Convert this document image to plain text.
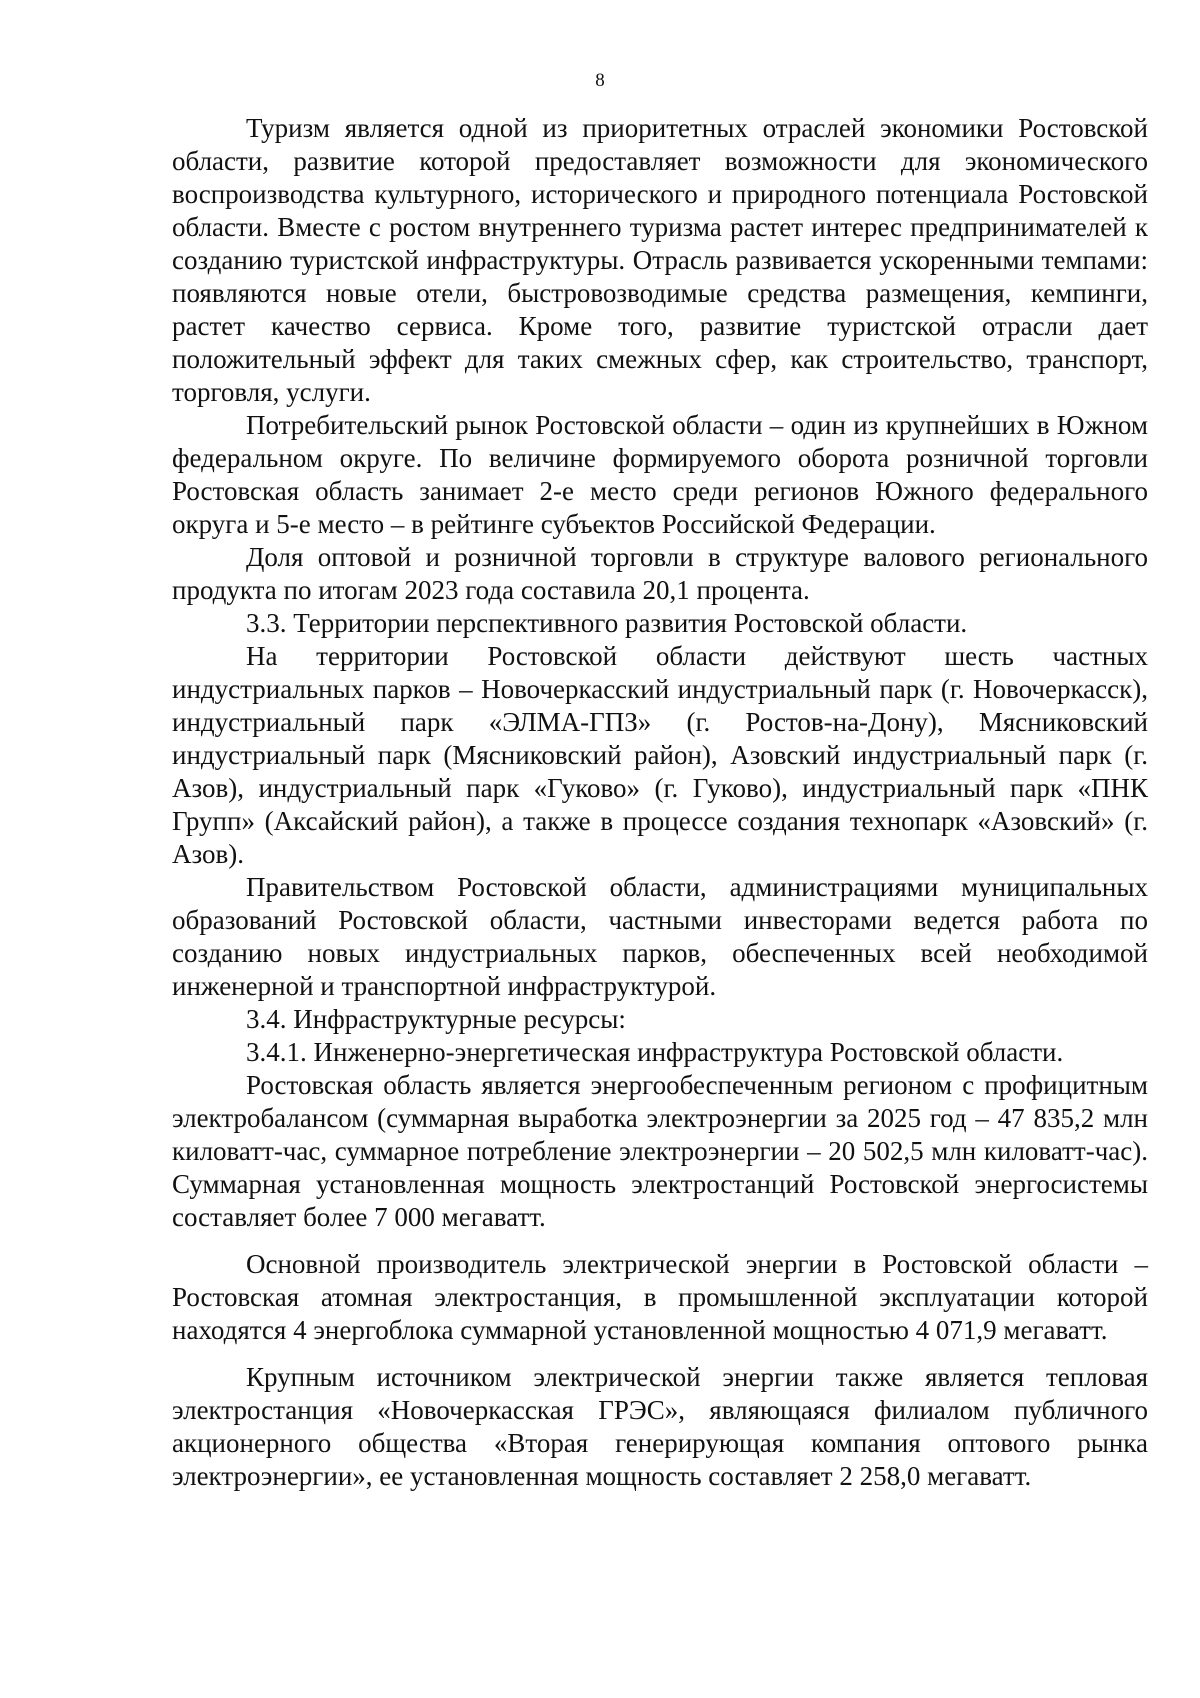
8

Туризм является одной из приоритетных отраслей экономики Ростовской области, развитие которой предоставляет возможности для экономического воспроизводства культурного, исторического и природного потенциала Ростовской области. Вместе с ростом внутреннего туризма растет интерес предпринимателей к созданию туристской инфраструктуры. Отрасль развивается ускоренными темпами: появляются новые отели, быстровозводимые средства размещения, кемпинги, растет качество сервиса. Кроме того, развитие туристской отрасли дает положительный эффект для таких смежных сфер, как строительство, транспорт, торговля, услуги.

Потребительский рынок Ростовской области – один из крупнейших в Южном федеральном округе. По величине формируемого оборота розничной торговли Ростовская область занимает 2-е место среди регионов Южного федерального округа и 5-е место – в рейтинге субъектов Российской Федерации.

Доля оптовой и розничной торговли в структуре валового регионального продукта по итогам 2023 года составила 20,1 процента.

3.3. Территории перспективного развития Ростовской области.

На территории Ростовской области действуют шесть частных индустриальных парков – Новочеркасский индустриальный парк (г. Новочеркасск), индустриальный парк «ЭЛМА-ГПЗ» (г. Ростов-на-Дону), Мясниковский индустриальный парк (Мясниковский район), Азовский индустриальный парк (г. Азов), индустриальный парк «Гуково» (г. Гуково), индустриальный парк «ПНК Групп» (Аксайский район), а также в процессе создания технопарк «Азовский» (г. Азов).

Правительством Ростовской области, администрациями муниципальных образований Ростовской области, частными инвесторами ведется работа по созданию новых индустриальных парков, обеспеченных всей необходимой инженерной и транспортной инфраструктурой.

3.4. Инфраструктурные ресурсы:

3.4.1. Инженерно-энергетическая инфраструктура Ростовской области.

Ростовская область является энергообеспеченным регионом с профицитным электробалансом (суммарная выработка электроэнергии за 2025 год – 47 835,2 млн киловатт-час, суммарное потребление электроэнергии – 20 502,5 млн киловатт-час). Суммарная установленная мощность электростанций Ростовской энергосистемы составляет более 7 000 мегаватт.

Основной производитель электрической энергии в Ростовской области – Ростовская атомная электростанция, в промышленной эксплуатации которой находятся 4 энергоблока суммарной установленной мощностью 4 071,9 мегаватт.

Крупным источником электрической энергии также является тепловая электростанция «Новочеркасская ГРЭС», являющаяся филиалом публичного акционерного общества «Вторая генерирующая компания оптового рынка электроэнергии», ее установленная мощность составляет 2 258,0 мегаватт.
